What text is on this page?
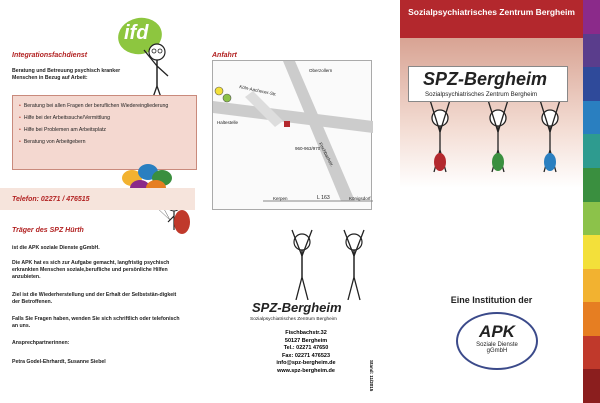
ifd
Integrationsfachdienst
Beratung und Betreuung psychisch kranker Menschen in Bezug auf Arbeit:
• Beratung bei allen Fragen der beruflichen Wiedereingliederung
• Hilfe bei der Arbeitssuche/Vermittlung
• Hilfe bei Problemen am Arbeitsplatz
• Beratung von Arbeitgebern
Telefon: 02271 / 476515
Träger des SPZ Hürth
ist die APK soziale Dienste gGmbH.
Die APK hat es sich zur Aufgabe gemacht, langfristig psychisch erkrankten Menschen soziale,berufliche und persönliche Hilfen anzubieten.
Ziel ist die Wiederherstellung und der Erhalt der Selbststän-digkeit der Betroffenen.
Falls Sie Fragen haben, wenden Sie sich schriftlich oder telefonisch an uns.
Ansprechpartnerinnen:
Petra Godel-Ehrhardt, Susanne Siebel
Anfahrt
Oberzollern
Köln-Aachener-Str.
Fischbachstr.
Haltestelle
960-963/970
L 163
Kerpen	Königsdorf
SPZ-Bergheim
Sozialpsychiatrisches Zentrum Bergheim
Fischbachstr.32
50127 Bergheim
Tel.: 02271 47650
Fax: 02271 476523
info@spz-bergheim.de
www.spz-bergheim.de	Stand: 11/2015
Sozialpsychiatrisches Zentrum Bergheim
SPZ-Bergheim
Sozialpsychiatrisches Zentrum Bergheim
Eine Institution der
APK
Soziale Dienste
gGmbH
